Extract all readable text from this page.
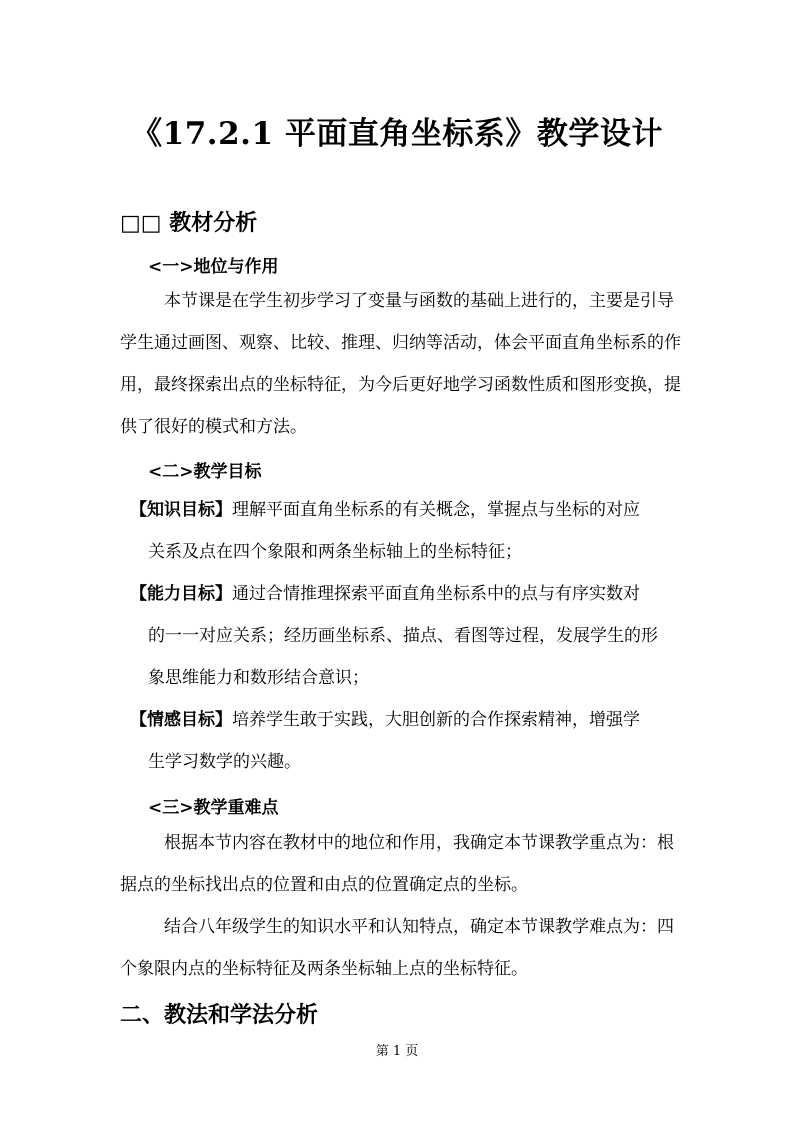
《17.2.1 平面直角坐标系》教学设计
□□ 教材分析
<一>地位与作用
本节课是在学生初步学习了变量与函数的基础上进行的，主要是引导学生通过画图、观察、比较、推理、归纳等活动，体会平面直角坐标系的作用，最终探索出点的坐标特征，为今后更好地学习函数性质和图形变换，提供了很好的模式和方法。
<二>教学目标
【知识目标】理解平面直角坐标系的有关概念，掌握点与坐标的对应
关系及点在四个象限和两条坐标轴上的坐标特征；
【能力目标】通过合情推理探索平面直角坐标系中的点与有序实数对
的一一对应关系；经历画坐标系、描点、看图等过程，发展学生的形
象思维能力和数形结合意识；
【情感目标】培养学生敢于实践，大胆创新的合作探索精神，增强学
生学习数学的兴趣。
<三>教学重难点
根据本节内容在教材中的地位和作用，我确定本节课教学重点为：根据点的坐标找出点的位置和由点的位置确定点的坐标。
结合八年级学生的知识水平和认知特点，确定本节课教学难点为：四个象限内点的坐标特征及两条坐标轴上点的坐标特征。
二、教法和学法分析
第 1 页
